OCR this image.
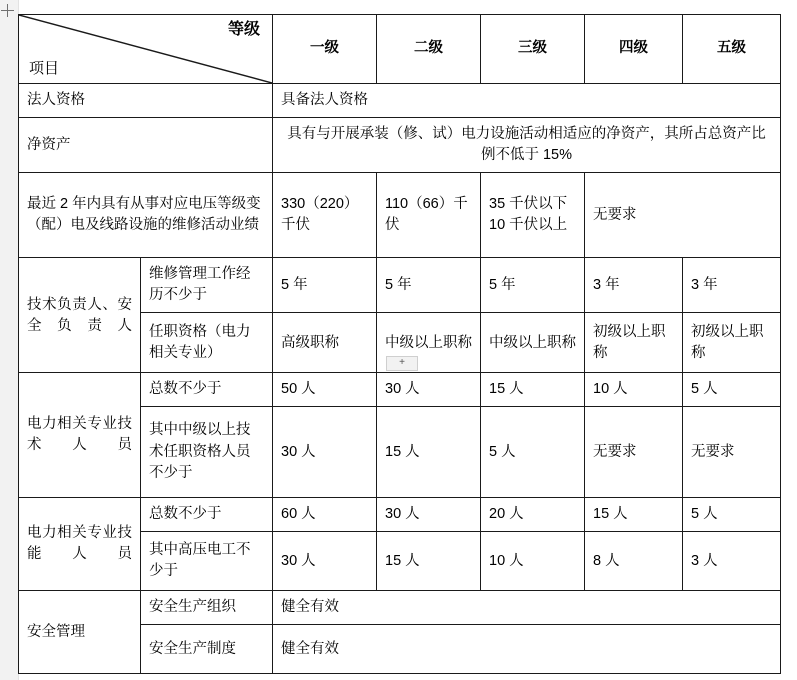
等级
项目		一级	二级	三级	四级	五级
法人资格		具备法人资格				
净资产		具有与开展承装（修、试）电力设施活动相适应的净资产，其所占总资产比例不低于 15%				
最近 2 年内具有从事对应电压等级变（配）电及线路设施的维修活动业绩		330（220）千伏	110（66）千伏	35 千伏以下 10 千伏以上	无要求	
技术负责人、安全负责人	维修管理工作经历不少于	5 年	5 年	5 年	3 年	3 年
	任职资格（电力相关专业）	高级职称	中级以上职称	中级以上职称	初级以上职称	初级以上职称
+
电力相关专业技术人员	总数不少于	50 人	30 人	15 人	10 人	5 人
	其中中级以上技术任职资格人员不少于	30 人	15 人	5 人	无要求	无要求
电力相关专业技能人员	总数不少于	60 人	30 人	20 人	15 人	5 人
	其中高压电工不少于	30 人	15 人	10 人	8 人	3 人
安全管理	安全生产组织	健全有效				
	安全生产制度	健全有效				
